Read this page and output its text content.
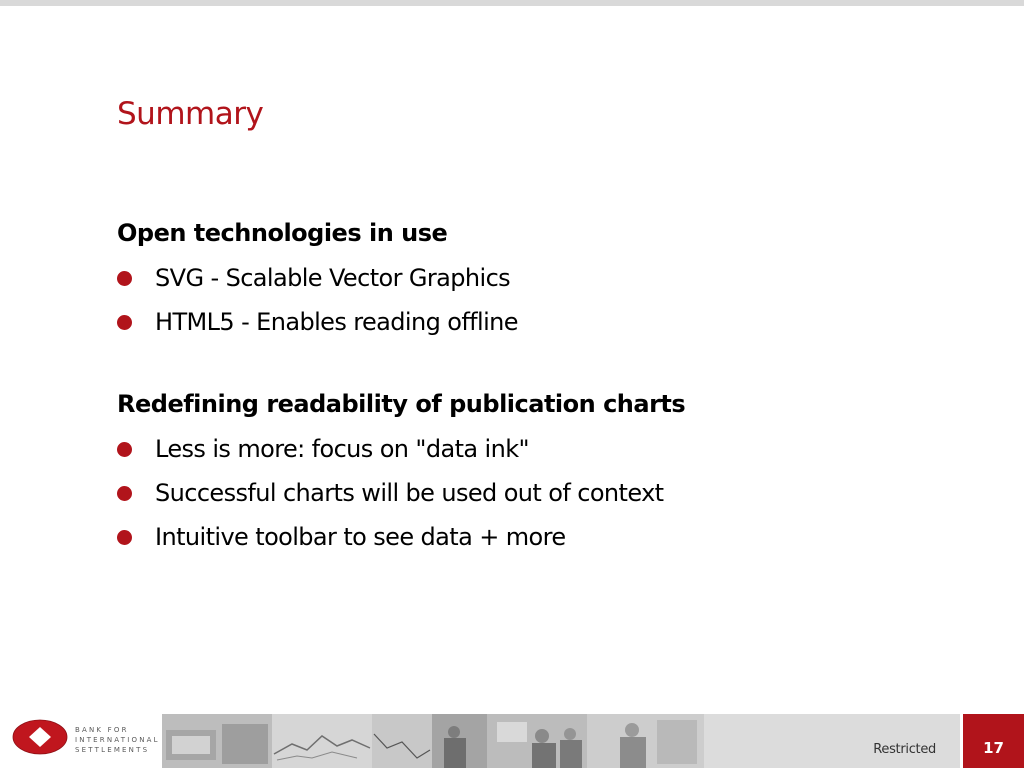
Summary
Open technologies in use
SVG - Scalable Vector Graphics
HTML5 - Enables reading offline
Redefining readability of publication charts
Less is more: focus on "data ink"
Successful charts will be used out of context
Intuitive toolbar to see data + more
BANK FOR
INTERNATIONAL
SETTLEMENTS	Restricted	17
